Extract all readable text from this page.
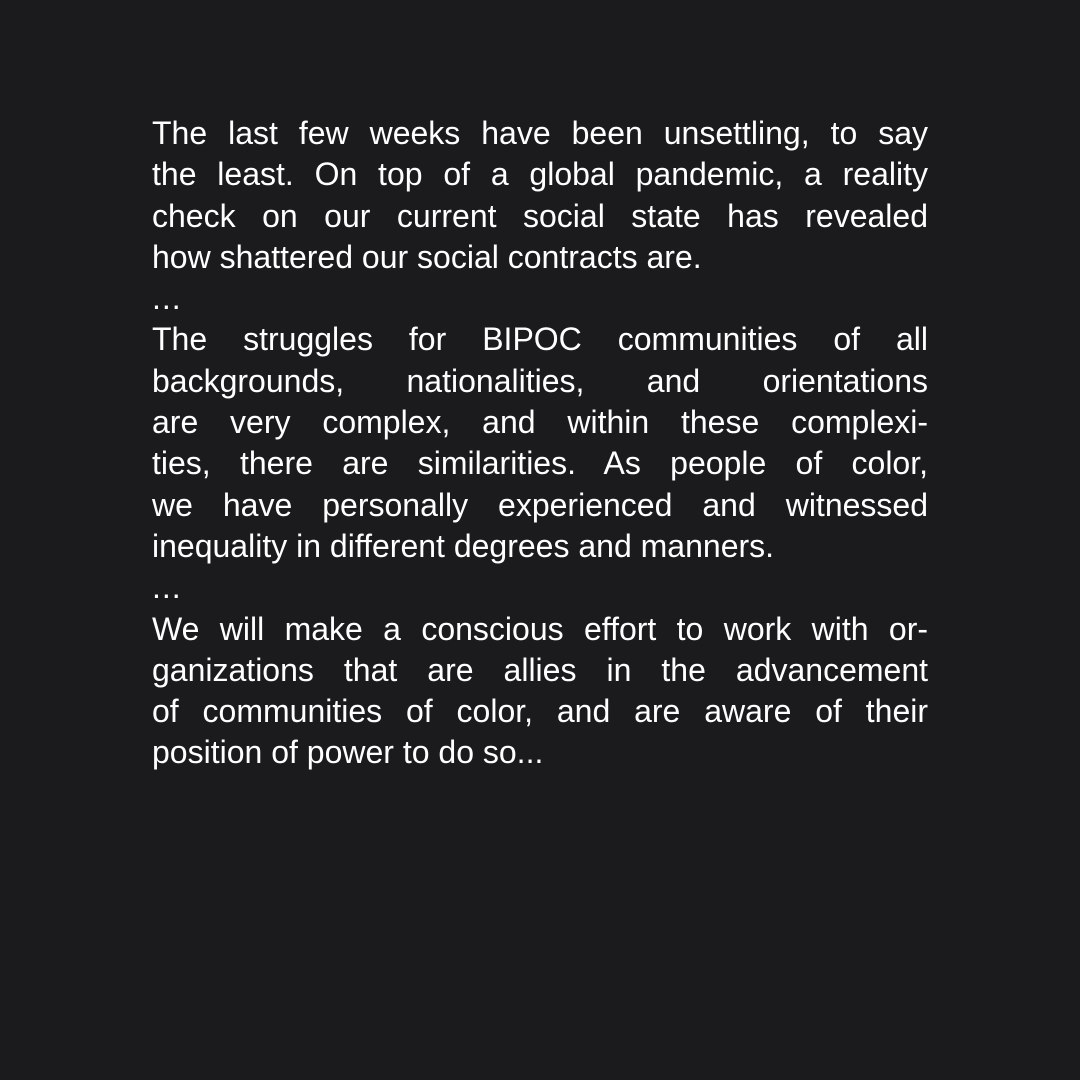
The last few weeks have been unsettling, to say
the least. On top of a global pandemic, a reality
check on our current social state has revealed
how shattered our social contracts are.
...
The struggles for BIPOC communities of all
backgrounds, nationalities, and orientations
are very complex, and within these complexi-
ties, there are similarities. As people of color,
we have personally experienced and witnessed
inequality in different degrees and manners.
...
We will make a conscious effort to work with or-
ganizations that are allies in the advancement
of communities of color, and are aware of their
position of power to do so...
